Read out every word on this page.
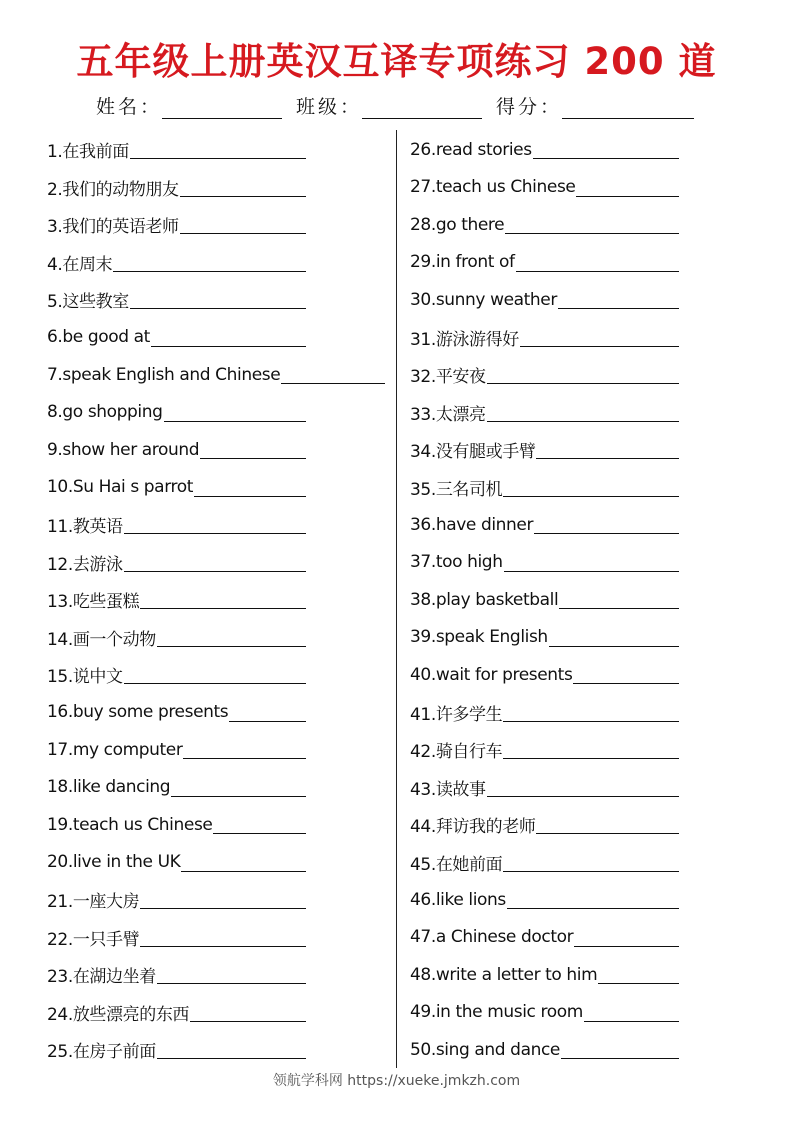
五年级上册英汉互译专项练习 200 道
姓名：	班级：	得分：
1.在我前面
2.我们的动物朋友
3.我们的英语老师
4.在周末
5.这些教室
6.be good at
7.speak English and Chinese
8.go shopping
9.show her around
10.Su Hai s parrot
11.教英语
12.去游泳
13.吃些蛋糕
14.画一个动物
15.说中文
16.buy some presents
17.my computer
18.like dancing
19.teach us Chinese
20.live in the UK
21.一座大房
22.一只手臂
23.在湖边坐着
24.放些漂亮的东西
25.在房子前面
26.read stories
27.teach us Chinese
28.go there
29.in front of
30.sunny weather
31.游泳游得好
32.平安夜
33.太漂亮
34.没有腿或手臂
35.三名司机
36.have dinner
37.too high
38.play basketball
39.speak English
40.wait for presents
41.许多学生
42.骑自行车
43.读故事
44.拜访我的老师
45.在她前面
46.like lions
47.a Chinese doctor
48.write a letter to him
49.in the music room
50.sing and dance
领航学科网 https://xueke.jmkzh.com
